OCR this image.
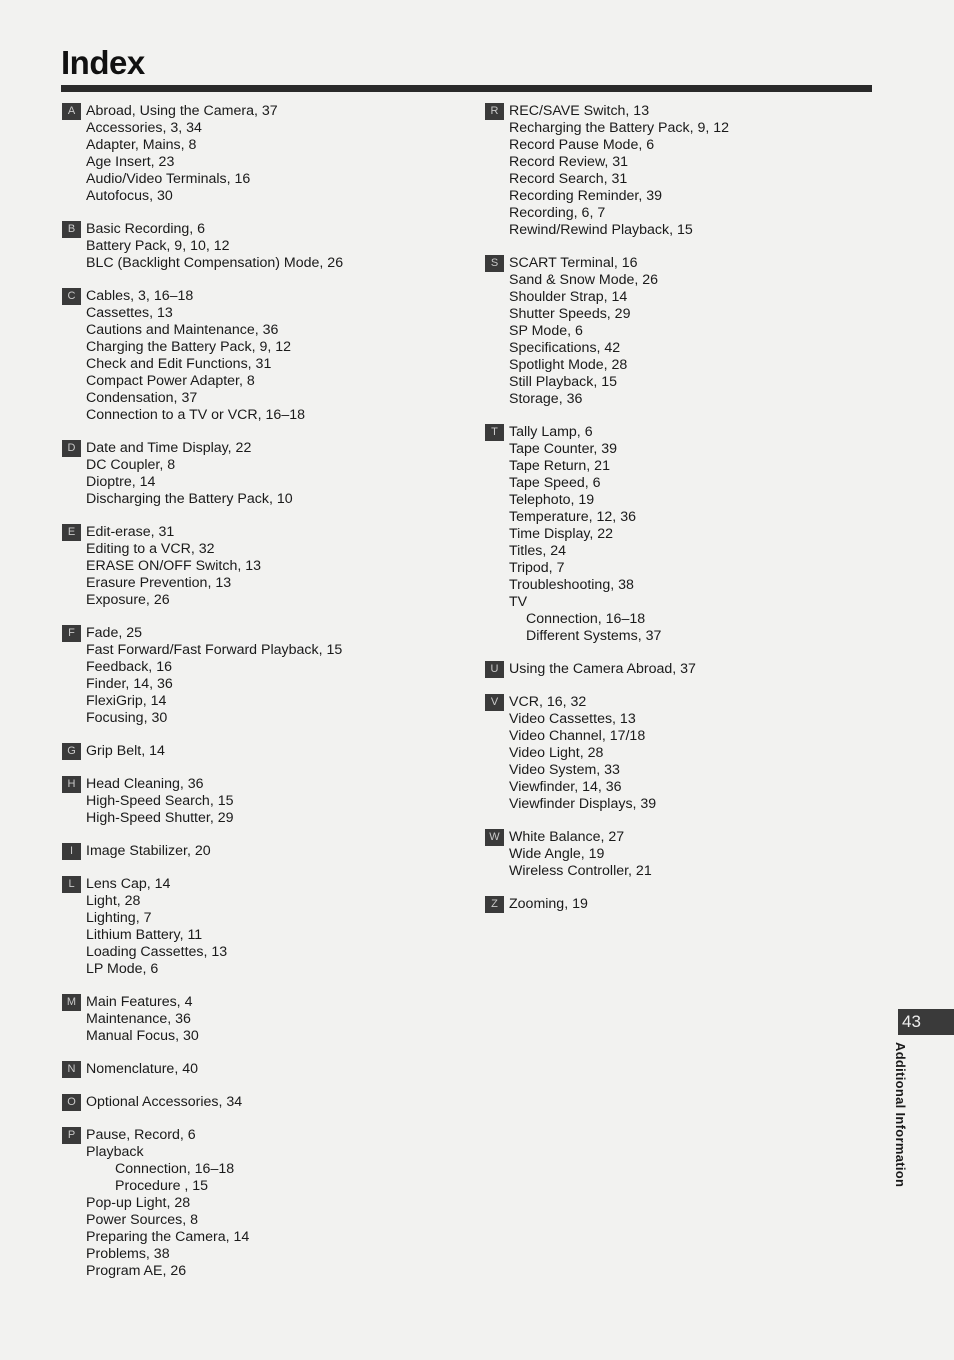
Index
A Abroad, Using the Camera, 37
Accessories, 3, 34
Adapter, Mains, 8
Age Insert, 23
Audio/Video Terminals, 16
Autofocus, 30
B Basic Recording, 6
Battery Pack, 9, 10, 12
BLC (Backlight Compensation) Mode, 26
C Cables, 3, 16–18
Cassettes, 13
Cautions and Maintenance, 36
Charging the Battery Pack, 9, 12
Check and Edit Functions, 31
Compact Power Adapter, 8
Condensation, 37
Connection to a TV or VCR, 16–18
D Date and Time Display, 22
DC Coupler, 8
Dioptre, 14
Discharging the Battery Pack, 10
E Edit-erase, 31
Editing to a VCR, 32
ERASE ON/OFF Switch, 13
Erasure Prevention, 13
Exposure, 26
F Fade, 25
Fast Forward/Fast Forward Playback, 15
Feedback, 16
Finder, 14, 36
FlexiGrip, 14
Focusing, 30
G Grip Belt, 14
H Head Cleaning, 36
High-Speed Search, 15
High-Speed Shutter, 29
I Image Stabilizer, 20
L Lens Cap, 14
Light, 28
Lighting, 7
Lithium Battery, 11
Loading Cassettes, 13
LP Mode, 6
M Main Features, 4
Maintenance, 36
Manual Focus, 30
N Nomenclature, 40
O Optional Accessories, 34
P Pause, Record, 6
Playback
Connection, 16–18
Procedure , 15
Pop-up Light, 28
Power Sources, 8
Preparing the Camera, 14
Problems, 38
Program AE, 26
R REC/SAVE Switch, 13
Recharging the Battery Pack, 9, 12
Record Pause Mode, 6
Record Review, 31
Record Search, 31
Recording Reminder, 39
Recording, 6, 7
Rewind/Rewind Playback, 15
S SCART Terminal, 16
Sand & Snow Mode, 26
Shoulder Strap, 14
Shutter Speeds, 29
SP Mode, 6
Specifications, 42
Spotlight Mode, 28
Still Playback, 15
Storage, 36
T Tally Lamp, 6
Tape Counter, 39
Tape Return, 21
Tape Speed, 6
Telephoto, 19
Temperature, 12, 36
Time Display, 22
Titles, 24
Tripod, 7
Troubleshooting, 38
TV
Connection, 16–18
Different Systems, 37
U Using the Camera Abroad, 37
V VCR, 16, 32
Video Cassettes, 13
Video Channel, 17/18
Video Light, 28
Video System, 33
Viewfinder, 14, 36
Viewfinder Displays, 39
W White Balance, 27
Wide Angle, 19
Wireless Controller, 21
Z Zooming, 19
43
Additional Information
